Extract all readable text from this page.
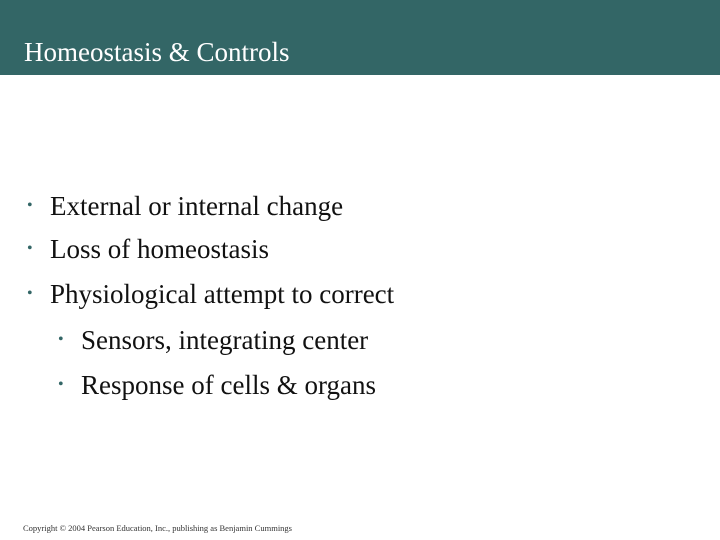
Homeostasis & Controls
• External or internal change
• Loss of homeostasis
• Physiological attempt to correct
• Sensors, integrating center
• Response of cells & organs
Copyright © 2004 Pearson Education, Inc., publishing as Benjamin Cummings
